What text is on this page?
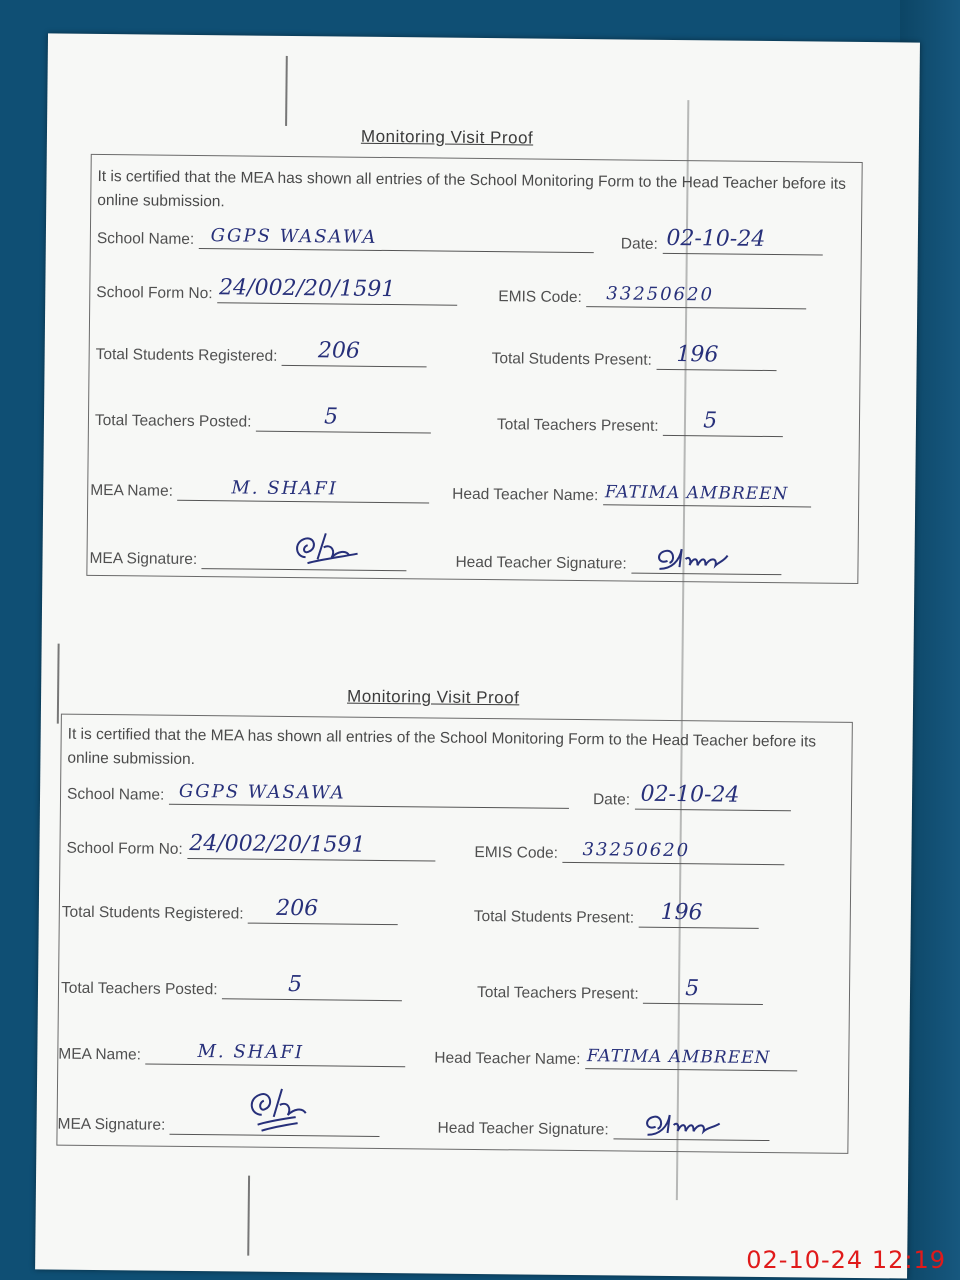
Monitoring Visit Proof
It is certified that the MEA has shown all entries of the School Monitoring Form to the Head Teacher before its online submission.
School Name: GGPS WASAWA	Date: 02-10-24
School Form No: 24/002/20/1591	EMIS Code: 33250620
Total Students Registered: 206	Total Students Present: 196
Total Teachers Posted:	5	Total Teachers Present: 5
MEA Name:	M. SHAFI	Head Teacher Name: FATIMA AMBREEN
MEA Signature:	Head Teacher Signature:
Monitoring Visit Proof
It is certified that the MEA has shown all entries of the School Monitoring Form to the Head Teacher before its online submission.
School Name: GGPS WASAWA	Date: 02-10-24
School Form No: 24/002/20/1591	EMIS Code: 33250620
Total Students Registered: 206	Total Students Present: 196
Total Teachers Posted:	5	Total Teachers Present: 5
MEA Name:	M. SHAFI	Head Teacher Name: FATIMA AMBREEN
MEA Signature:	Head Teacher Signature:
02-10-24 12:19
